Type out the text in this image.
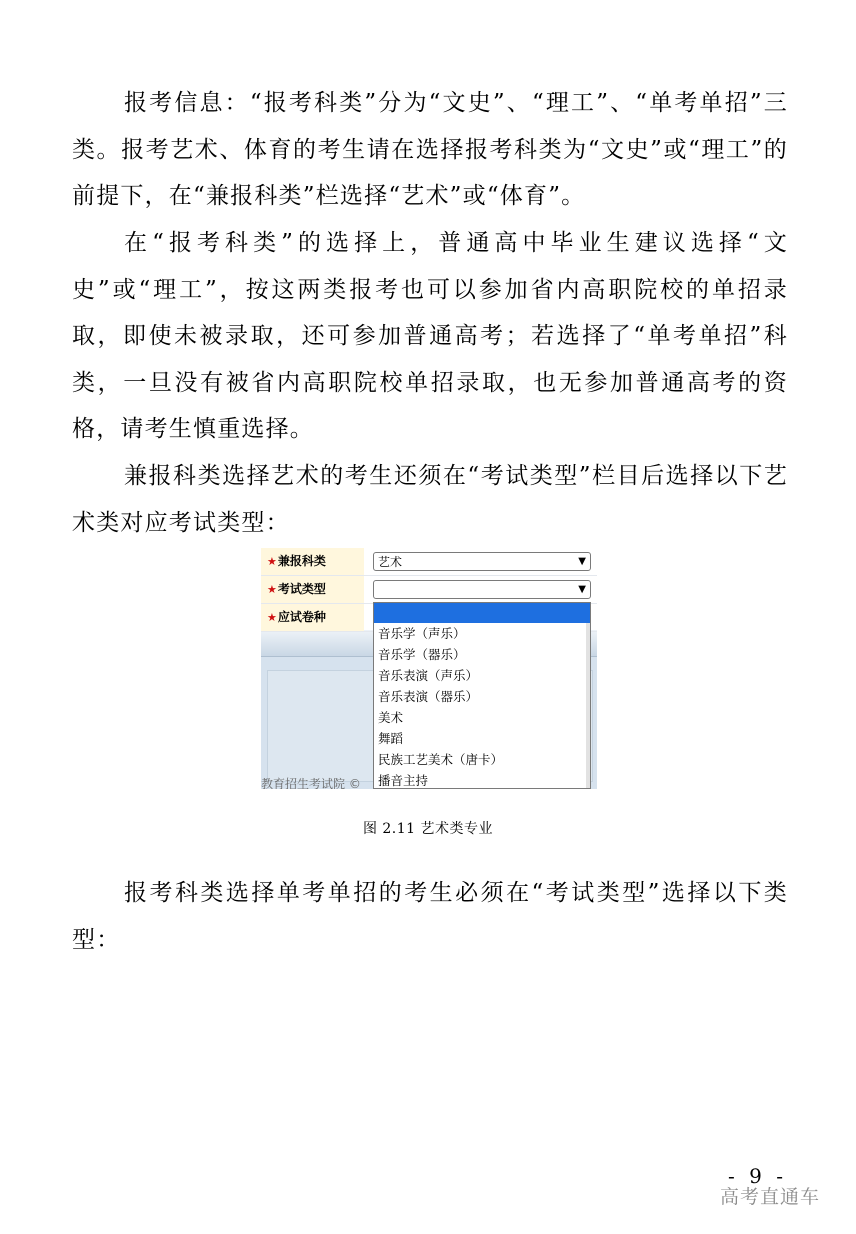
报考信息：“报考科类”分为“文史”、“理工”、“单考单招”三类。报考艺术、体育的考生请在选择报考科类为“文史”或“理工”的前提下，在“兼报科类”栏选择“艺术”或“体育”。

在“报考科类”的选择上，普通高中毕业生建议选择“文史”或“理工”，按这两类报考也可以参加省内高职院校的单招录取，即使未被录取，还可参加普通高考；若选择了“单考单招”科类，一旦没有被省内高职院校单招录取，也无参加普通高考的资格，请考生慎重选择。

兼报科类选择艺术的考生还须在“考试类型”栏目后选择以下艺术类对应考试类型：

教育招生考试院 ©
★兼报科类	艺术	▼
★考试类型	▼
★应试卷种
音乐学（声乐）
音乐学（器乐）
音乐表演（声乐）
音乐表演（器乐）
美术
舞蹈
民族工艺美术（唐卡）
播音主持
图 2.11 艺术类专业

报考科类选择单考单招的考生必须在“考试类型”选择以下类型：

- 9 -
高考直通车
